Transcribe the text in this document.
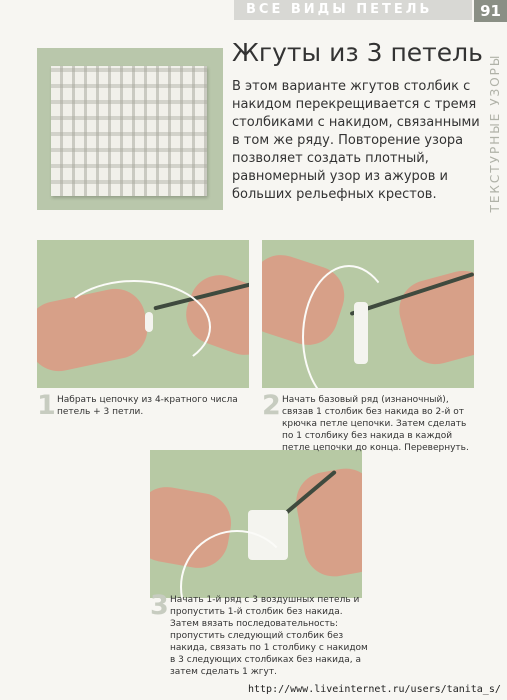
ВСЕ ВИДЫ ПЕТЕЛЬ	91
ТЕКСТУРНЫЕ УЗОРЫ
Жгуты из 3 петель
В этом варианте жгутов столбик с накидом перекрещивается с тремя столбиками с накидом, связанными в том же ряду. Повторение узора позволяет создать плотный, равномерный узор из ажуров и больших рельефных крестов.
1 Набрать цепочку из 4-кратного числа петель + 3 петли.	2 Начать базовый ряд (изнаночный), связав 1 столбик без накида во 2-й от крючка петле цепочки. Затем сделать по 1 столбику без накида в каждой петле цепочки до конца. Перевернуть.
3 Начать 1-й ряд с 3 воздушных петель и пропустить 1-й столбик без накида. Затем вязать последовательность: пропустить следующий столбик без накида, связать по 1 столбику с накидом в 3 следующих столбиках без накида, а затем сделать 1 жгут.
http://www.liveinternet.ru/users/tanita_s/
